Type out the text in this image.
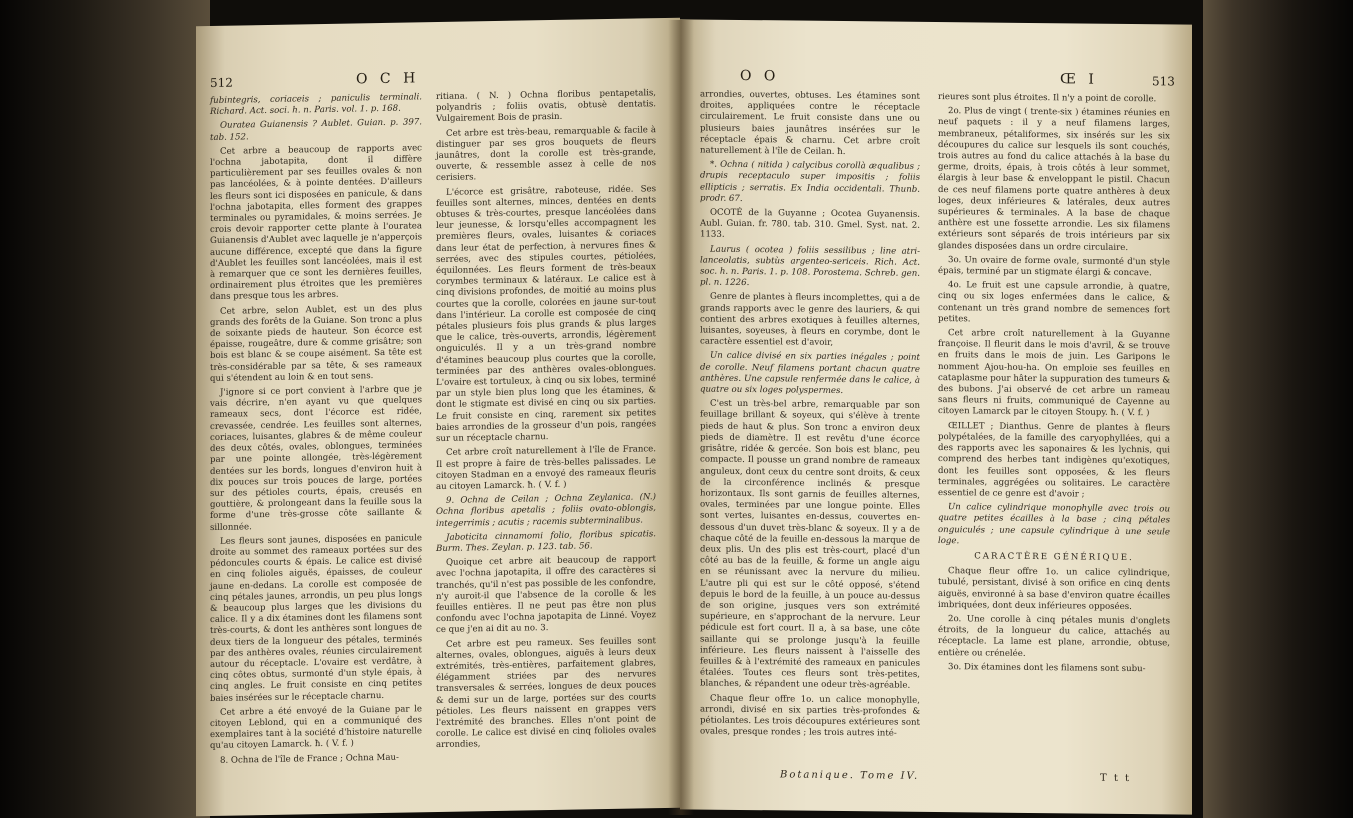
512	O C H

fubintegris, coriaceis ; paniculis terminali. Richard. Act. soci. h. n. Paris. vol. 1. p. 168.

Ouratea Guianensis ? Aublet. Guian. p. 397. tab. 152.

Cet arbre a beaucoup de rapports avec l'ochna jabotapita, dont il diffère particulièrement par ses feuilles ovales & non pas lancéolées, & à pointe dentées. D'ailleurs les fleurs sont ici disposées en panicule, & dans l'ochna jabotapita, elles forment des grappes terminales ou pyramidales, & moins serrées. Je crois devoir rapporter cette plante à l'ouratea Guianensis d'Aublet avec laquelle je n'apperçois aucune différence, excepté que dans la figure d'Aublet les feuilles sont lancéolées, mais il est à remarquer que ce sont les dernières feuilles, ordinairement plus étroites que les premières dans presque tous les arbres.

Cet arbre, selon Aublet, est un des plus grands des forêts de la Guiane. Son tronc a plus de soixante pieds de hauteur. Son écorce est épaisse, rougeâtre, dure & comme grisâtre; son bois est blanc & se coupe aisément. Sa tête est très-considérable par sa tête, & ses rameaux qui s'étendent au loin & en tout sens.

J'ignore si ce port convient à l'arbre que je vais décrire, n'en ayant vu que quelques rameaux secs, dont l'écorce est ridée, crevassée, cendrée. Les feuilles sont alternes, coriaces, luisantes, glabres & de même couleur des deux côtés, ovales, oblongues, terminées par une pointe allongée, très-légèrement dentées sur les bords, longues d'environ huit à dix pouces sur trois pouces de large, portées sur des pétioles courts, épais, creusés en gouttière, & prolongeant dans la feuille sous la forme d'une très-grosse côte saillante & sillonnée.

Les fleurs sont jaunes, disposées en panicule droite au sommet des rameaux portées sur des pédoncules courts & épais. Le calice est divisé en cinq folioles aiguës, épaisses, de couleur jaune en-dedans. La corolle est composée de cinq pétales jaunes, arrondis, un peu plus longs & beaucoup plus larges que les divisions du calice. Il y a dix étamines dont les filamens sont très-courts, & dont les anthères sont longues de deux tiers de la longueur des pétales, terminés par des anthères ovales, réunies circulairement autour du réceptacle. L'ovaire est verdâtre, à cinq côtes obtus, surmonté d'un style épais, à cinq angles. Le fruit consiste en cinq petites baies insérées sur le réceptacle charnu.

Cet arbre a été envoyé de la Guiane par le citoyen Leblond, qui en a communiqué des exemplaires tant à la société d'histoire naturelle qu'au citoyen Lamarck. ħ. ( V. f. )

8. Ochna de l'île de France ; Ochna Mau-

ritiana. ( N. ) Ochna floribus pentapetalis, polyandris ; foliis ovatis, obtusè dentatis. Vulgairement Bois de prasin.

Cet arbre est très-beau, remarquable & facile à distinguer par ses gros bouquets de fleurs jaunâtres, dont la corolle est très-grande, ouverte, & ressemble assez à celle de nos cerisiers.

L'écorce est grisâtre, raboteuse, ridée. Ses feuilles sont alternes, minces, dentées en dents obtuses & très-courtes, presque lancéolées dans leur jeunesse, & lorsqu'elles accompagnent les premières fleurs, ovales, luisantes & coriaces dans leur état de perfection, à nervures fines & serrées, avec des stipules courtes, pétiolées, équilonnées. Les fleurs forment de très-beaux corymbes terminaux & latéraux. Le calice est à cinq divisions profondes, de moitié au moins plus courtes que la corolle, colorées en jaune sur-tout dans l'intérieur. La corolle est composée de cinq pétales plusieurs fois plus grands & plus larges que le calice, très-ouverts, arrondis, légèrement onguiculés. Il y a un très-grand nombre d'étamines beaucoup plus courtes que la corolle, terminées par des anthères ovales-oblongues. L'ovaire est tortuleux, à cinq ou six lobes, terminé par un style bien plus long que les étamines, & dont le stigmate est divisé en cinq ou six parties. Le fruit consiste en cinq, rarement six petites baies arrondies de la grosseur d'un pois, rangées sur un réceptacle charnu.

Cet arbre croît naturellement à l'île de France. Il est propre à faire de très-belles palissades. Le citoyen Stadman en a envoyé des rameaux fleuris au citoyen Lamarck. ħ. ( V. f. )

9. Ochna de Ceilan ; Ochna Zeylanica. (N.) Ochna floribus apetalis ; foliis ovato-oblongis, integerrimis ; acutis ; racemis subterminalibus.

Jaboticita cinnamomi folio, floribus spicatis. Burm. Thes. Zeylan. p. 123. tab. 56.

Quoique cet arbre ait beaucoup de rapport avec l'ochna japotapita, il offre des caractères si tranchés, qu'il n'est pas possible de les confondre, n'y auroit-il que l'absence de la corolle & les feuilles entières. Il ne peut pas être non plus confondu avec l'ochna japotapita de Linné. Voyez ce que j'en ai dit au no. 3.

Cet arbre est peu rameux. Ses feuilles sont alternes, ovales, oblongues, aiguës à leurs deux extrémités, très-entières, parfaitement glabres, élégamment striées par des nervures transversales & serrées, longues de deux pouces & demi sur un de large, portées sur des courts pétioles. Les fleurs naissent en grappes vers l'extrémité des branches. Elles n'ont point de corolle. Le calice est divisé en cinq folioles ovales arrondies,

O O	Œ I	513

arrondies, ouvertes, obtuses. Les étamines sont droites, appliquées contre le réceptacle circulairement. Le fruit consiste dans une ou plusieurs baies jaunâtres insérées sur le réceptacle épais & charnu. Cet arbre croît naturellement à l'île de Ceilan. ħ.

*. Ochna ( nitida ) calycibus corollà æqualibus ; drupis receptaculo super impositis ; foliis ellipticis ; serratis. Ex India occidentali. Thunb. prodr. 67.

OCOTÉ de la Guyanne ; Ocotea Guyanensis. Aubl. Guian. fr. 780. tab. 310. Gmel. Syst. nat. 2. 1133.

Laurus ( ocotea ) foliis sessilibus ; line atri-lanceolatis, subtùs argenteo-sericeis. Rich. Act. soc. h. n. Paris. 1. p. 108. Porostema. Schreb. gen. pl. n. 1226.

Genre de plantes à fleurs incomplettes, qui a de grands rapports avec le genre des lauriers, & qui contient des arbres exotiques à feuilles alternes, luisantes, soyeuses, à fleurs en corymbe, dont le caractère essentiel est d'avoir,

Un calice divisé en six parties inégales ; point de corolle. Neuf filamens portant chacun quatre anthères. Une capsule renfermée dans le calice, à quatre ou six loges polyspermes.

C'est un très-bel arbre, remarquable par son feuillage brillant & soyeux, qui s'élève à trente pieds de haut & plus. Son tronc a environ deux pieds de diamètre. Il est revêtu d'une écorce grisâtre, ridée & gercée. Son bois est blanc, peu compacte. Il pousse un grand nombre de rameaux anguleux, dont ceux du centre sont droits, & ceux de la circonférence inclinés & presque horizontaux. Ils sont garnis de feuilles alternes, ovales, terminées par une longue pointe. Elles sont vertes, luisantes en-dessus, couvertes en-dessous d'un duvet très-blanc & soyeux. Il y a de chaque côté de la feuille en-dessous la marque de deux plis. Un des plis est très-court, placé d'un côté au bas de la feuille, & forme un angle aigu en se réunissant avec la nervure du milieu. L'autre pli qui est sur le côté opposé, s'étend depuis le bord de la feuille, à un pouce au-dessus de son origine, jusques vers son extrémité supérieure, en s'approchant de la nervure. Leur pédicule est fort court. Il a, à sa base, une côte saillante qui se prolonge jusqu'à la feuille inférieure. Les fleurs naissent à l'aisselle des feuilles & à l'extrémité des rameaux en panicules étalées. Toutes ces fleurs sont très-petites, blanches, & répandent une odeur très-agréable.

Chaque fleur offre 1o. un calice monophylle, arrondi, divisé en six parties très-profondes & pétiolantes. Les trois découpures extérieures sont ovales, presque rondes ; les trois autres inté-

rieures sont plus étroites. Il n'y a point de corolle.

2o. Plus de vingt ( trente-six ) étamines réunies en neuf paquets : il y a neuf filamens larges, membraneux, pétaliformes, six insérés sur les six découpures du calice sur lesquels ils sont couchés, trois autres au fond du calice attachés à la base du germe, droits, épais, à trois côtés à leur sommet, élargis à leur base & enveloppant le pistil. Chacun de ces neuf filamens porte quatre anthères à deux loges, deux inférieures & latérales, deux autres supérieures & terminales. A la base de chaque anthère est une fossette arrondie. Les six filamens extérieurs sont séparés de trois intérieurs par six glandes disposées dans un ordre circulaire.

3o. Un ovaire de forme ovale, surmonté d'un style épais, terminé par un stigmate élargi & concave.

4o. Le fruit est une capsule arrondie, à quatre, cinq ou six loges enfermées dans le calice, & contenant un très grand nombre de semences fort petites.

Cet arbre croît naturellement à la Guyanne françoise. Il fleurit dans le mois d'avril, & se trouve en fruits dans le mois de juin. Les Garipons le nomment Ajou-hou-ha. On emploie ses feuilles en cataplasme pour hâter la suppuration des tumeurs & des bubons. J'ai observé de cet arbre un rameau sans fleurs ni fruits, communiqué de Cayenne au citoyen Lamarck par le citoyen Stoupy. ħ. ( V. f. )

ŒILLET ; Dianthus. Genre de plantes à fleurs polypétalées, de la famille des caryophyllées, qui a des rapports avec les saponaires & les lychnis, qui comprend des herbes tant indigènes qu'exotiques, dont les feuilles sont opposées, & les fleurs terminales, aggrégées ou solitaires. Le caractère essentiel de ce genre est d'avoir ;

Un calice cylindrique monophylle avec trois ou quatre petites écailles à la base ; cinq pétales onguiculés ; une capsule cylindrique à une seule loge.

CARACTÈRE GÉNÉRIQUE.

Chaque fleur offre 1o. un calice cylindrique, tubulé, persistant, divisé à son orifice en cinq dents aiguës, environné à sa base d'environ quatre écailles imbriquées, dont deux inférieures opposées.

2o. Une corolle à cinq pétales munis d'onglets étroits, de la longueur du calice, attachés au réceptacle. La lame est plane, arrondie, obtuse, entière ou crénelée.

3o. Dix étamines dont les filamens sont subu-

Botanique. Tome IV.	T t t
